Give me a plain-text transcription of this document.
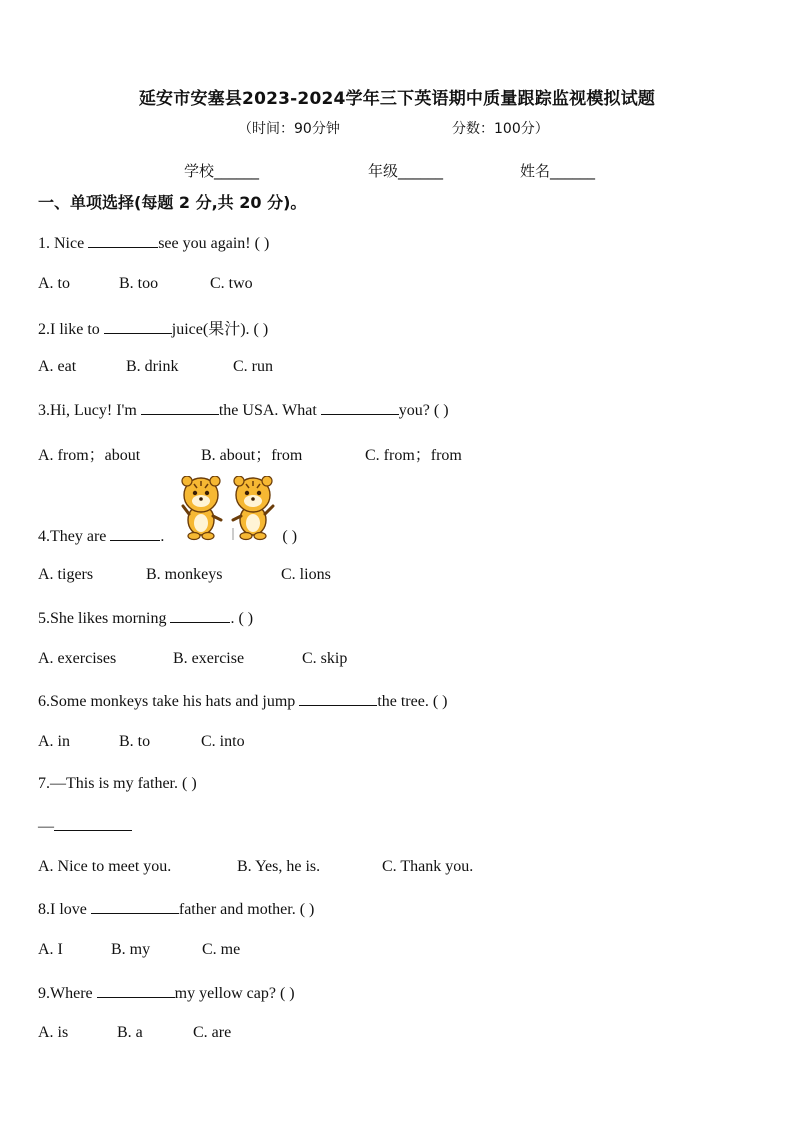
延安市安塞县2023-2024学年三下英语期中质量跟踪监视模拟试题
（时间：90分钟	分数：100分）
学校______	年级______	姓名______
一、单项选择(每题 2 分,共 20 分)。
1. Nice	see you again! ( )
A. to	B. too	C. two
2.I like to	juice(果汁). ( )
A. eat	B. drink	C. run
3.Hi, Lucy! I'm	the USA. What	you? ( )
A. from；about	B. about；from	C. from；from
4.They are	.	( )
A. tigers	B. monkeys	C. lions
5.She likes morning	. ( )
A. exercises	B. exercise	C. skip
6.Some monkeys take his hats and jump	the tree. ( )
A. in	B. to	C. into
7.—This is my father. ( )
—
A. Nice to meet you.	B. Yes, he is.	C. Thank you.
8.I love	father and mother. ( )
A. I	B. my	C. me
9.Where	my yellow cap? ( )
A. is	B. a	C. are
